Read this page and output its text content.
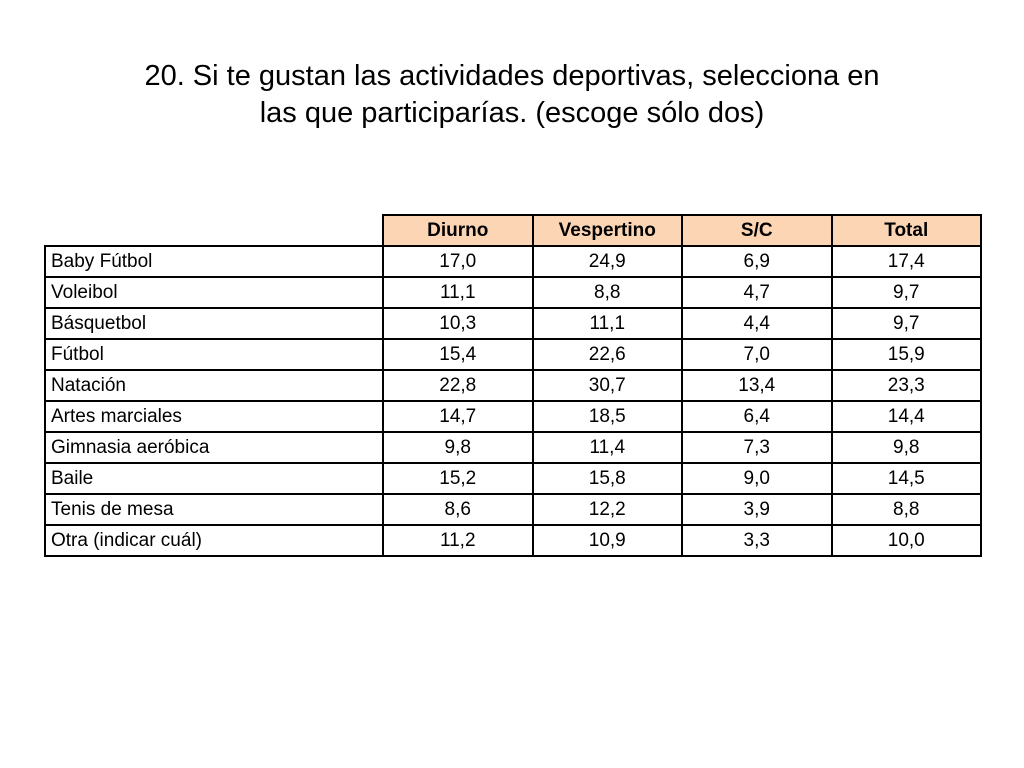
20. Si te gustan las actividades deportivas, selecciona en
las que participarías. (escoge sólo dos)
	Diurno	Vespertino	S/C	Total
Baby Fútbol	17,0	24,9	6,9	17,4
Voleibol	11,1	8,8	4,7	9,7
Básquetbol	10,3	11,1	4,4	9,7
Fútbol	15,4	22,6	7,0	15,9
Natación	22,8	30,7	13,4	23,3
Artes marciales	14,7	18,5	6,4	14,4
Gimnasia aeróbica	9,8	11,4	7,3	9,8
Baile	15,2	15,8	9,0	14,5
Tenis de mesa	8,6	12,2	3,9	8,8
Otra (indicar cuál)	11,2	10,9	3,3	10,0
